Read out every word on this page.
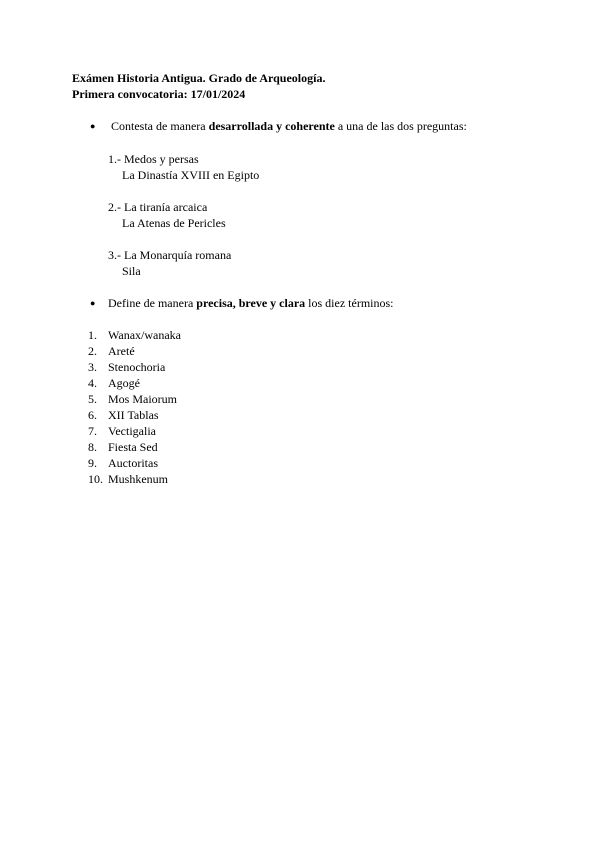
Exámen Historia Antigua. Grado de Arqueología.
Primera convocatoria: 17/01/2024
● Contesta de manera desarrollada y coherente a una de las dos preguntas:
1.- Medos y persas
La Dinastía XVIII en Egipto
2.- La tiranía arcaica
La Atenas de Pericles
3.- La Monarquía romana
Sila
● Define de manera precisa, breve y clara los diez términos:
1. Wanax/wanaka
2. Areté
3. Stenochoria
4. Agogé
5. Mos Maiorum
6. XII Tablas
7. Vectigalia
8. Fiesta Sed
9. Auctoritas
10. Mushkenum
